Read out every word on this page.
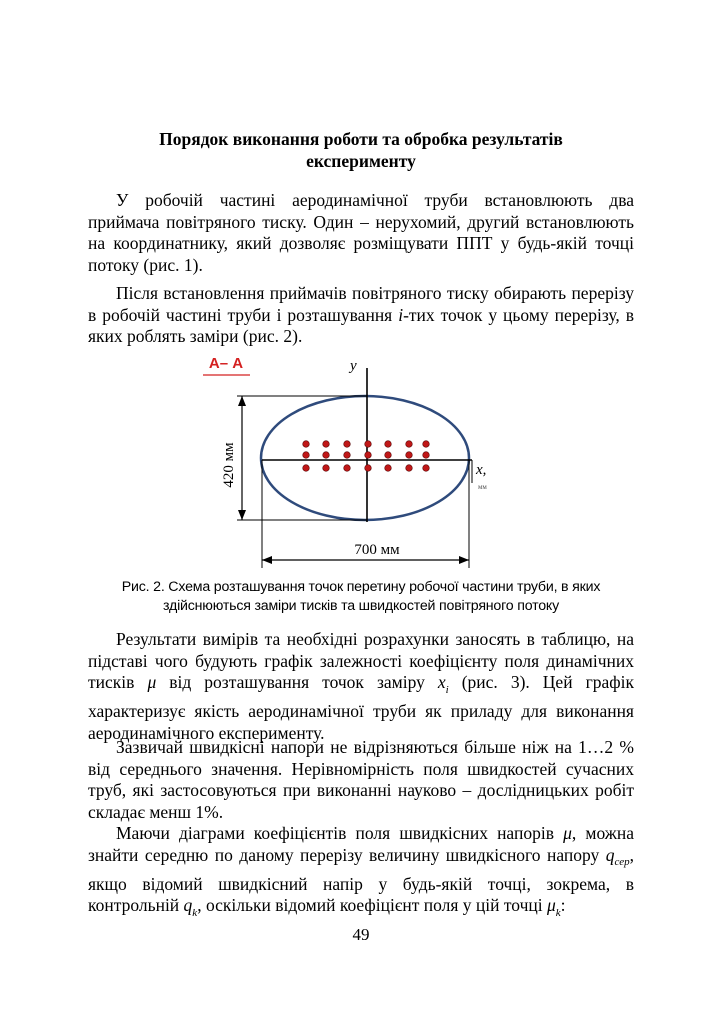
Порядок виконання роботи та обробка результатів
експерименту
У робочій частині аеродинамічної труби встановлюють два приймача повітряного тиску. Один – нерухомий, другий встановлюють на координатнику, який дозволяє розміщувати ППТ у будь-якій точці потоку (рис. 1).
Після встановлення приймачів повітряного тиску обирають перерізу в робочій частині труби і розташування i-тих точок у цьому перерізу, в яких роблять заміри (рис. 2).
А– А	y
x,
мм
420 мм
700 мм
Рис. 2. Схема розташування точок перетину робочої частини труби, в яких
здійснюються заміри тисків та швидкостей повітряного потоку
Результати вимірів та необхідні розрахунки заносять в таблицю, на підставі чого будують графік залежності коефіцієнту поля динамічних тисків μ від розташування точок заміру $x_i$ (рис. 3). Цей графік характеризує якість аеродинамічної труби як приладу для виконання аеродинамічного експерименту.
Зазвичай швидкісні напори не відрізняються більше ніж на 1…2 % від середнього значення. Нерівномірність поля швидкостей сучасних труб, які застосовуються при виконанні науково – дослідницьких робіт складає менш 1%.
Маючи діаграми коефіцієнтів поля швидкісних напорів μ, можна знайти середню по даному перерізу величину швидкісного напору $q_{сер}$, якщо відомий швидкісний напір у будь-якій точці, зокрема, в контрольній $q_k$, оскільки відомий коефіцієнт поля у цій точці $\mu_k$:
49
